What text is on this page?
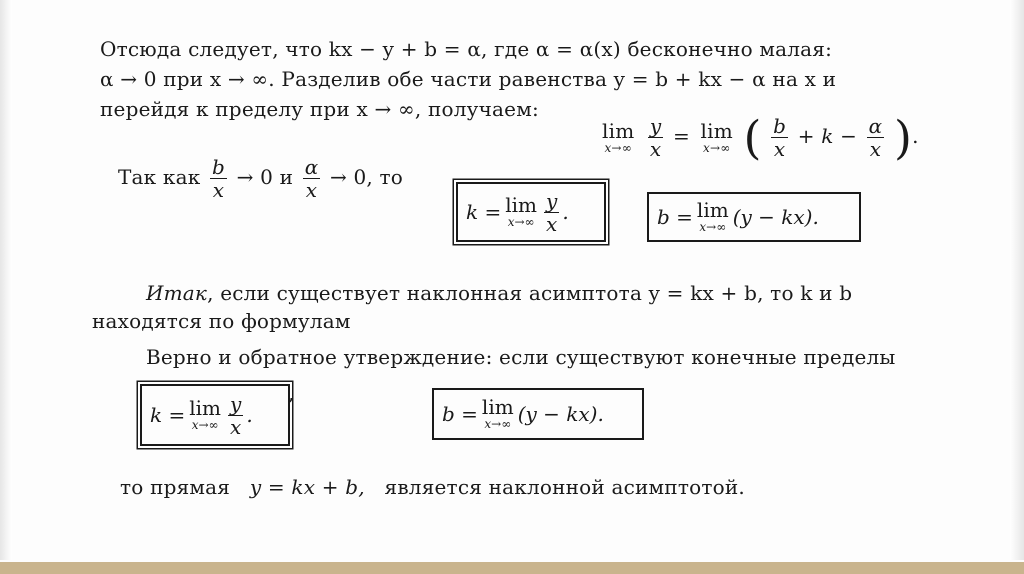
Отсюда следует, что kx − y + b = α, где α = α(x) бесконечно малая:
α → 0 при x → ∞. Разделив обе части равенства y = b + kx − α на x и
перейдя к пределу при x → ∞, получаем:
lim
x→∞
$\frac{y}{x} = \lim$
x→∞ ( $\frac{b}{x} + k - \frac{\alpha}{x}$ ).
Так как $\frac{b}{x} \to 0$ и $\frac{\alpha}{x} \to 0$, то
k = lim
$x\to\infty \frac{y}{x}$ .	b = lim
x→∞ (y − kx).
Итак, если существует наклонная асимптота y = kx + b, то k и b
находятся по формулам
Верно и обратное утверждение: если существуют конечные пределы
k = lim
$x\to\infty \frac{y}{x}$ .
,
b = lim
x→∞ (y − kx).
то прямая y = kx + b, является наклонной асимптотой.
